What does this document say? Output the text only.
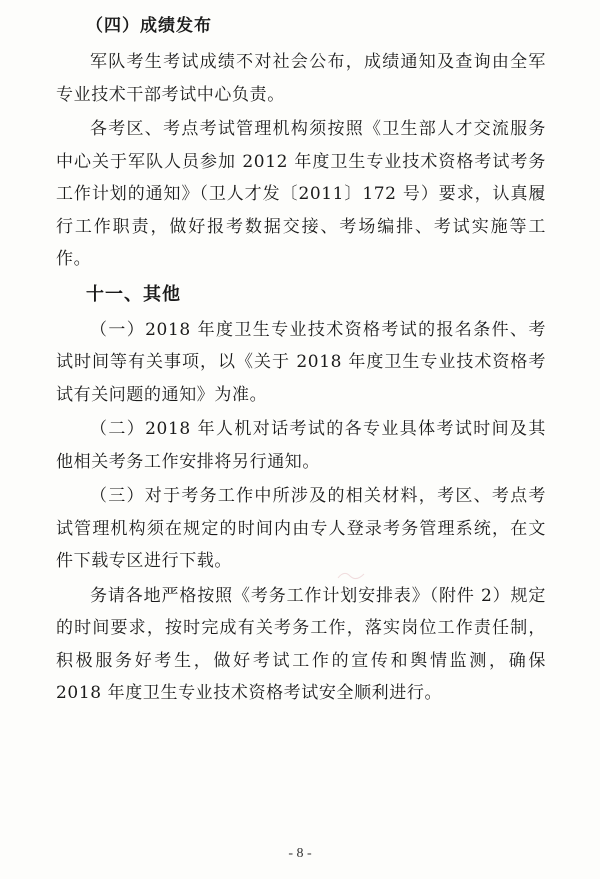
（四）成绩发布

军队考生考试成绩不对社会公布，成绩通知及查询由全军专业技术干部考试中心负责。

各考区、考点考试管理机构须按照《卫生部人才交流服务中心关于军队人员参加 2012 年度卫生专业技术资格考试考务工作计划的通知》（卫人才发〔2011〕172 号）要求，认真履行工作职责，做好报考数据交接、考场编排、考试实施等工作。

十一、其他

（一）2018 年度卫生专业技术资格考试的报名条件、考试时间等有关事项，以《关于 2018 年度卫生专业技术资格考试有关问题的通知》为准。

（二）2018 年人机对话考试的各专业具体考试时间及其他相关考务工作安排将另行通知。

（三）对于考务工作中所涉及的相关材料，考区、考点考试管理机构须在规定的时间内由专人登录考务管理系统，在文件下载专区进行下载。

务请各地严格按照《考务工作计划安排表》（附件 2）规定的时间要求，按时完成有关考务工作，落实岗位工作责任制，积极服务好考生，做好考试工作的宣传和舆情监测，确保 2018 年度卫生专业技术资格考试安全顺利进行。

- 8 -
